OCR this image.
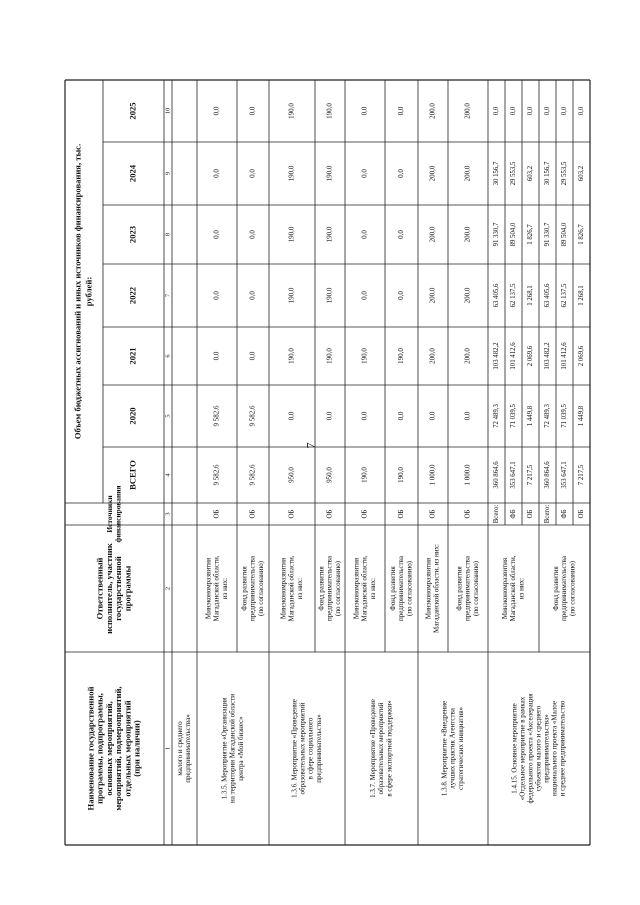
7
Наименование государственной программы, подпрограммы, основных мероприятий, мероприятий, подмероприятий, отдельных мероприятий (при наличии)
Ответственный исполнитель, участник государственной программы
Источники финансирования
Объем бюджетных ассигнований и иных источников финансирования, тыс. рублей:
ВСЕГО
2020
2021
2022
2023
2024
2025
1
2
3
4
5
6
7
8
9
10
малого и среднего предпринимательства»	1.3.5. Мероприятие «Организация на территории Магаданской области центра «Мой бизнес»
Минэкономразвития Магаданской области, из них:
ОБ
9 582,6
9 582,6
0,0
0,0
0,0
0,0
0,0
Фонд развития предпринимательства (по согласованию)
ОБ
9 582,6
9 582,6
0,0
0,0
0,0
0,0
0,0
1.3.6. Мероприятие «Проведение образовательных мероприятий в сфере социального предпринимательства»
Минэкономразвития Магаданской области, из них:
ОБ
950,0
0,0
190,0
190,0
190,0
190,0
190,0
Фонд развития предпринимательства (по согласованию)
ОБ
950,0
0,0
190,0
190,0
190,0
190,0
190,0
1.3.7. Мероприятие «Проведение образовательных мероприятий в сфере экспортной поддержки»
Минэкономразвития Магаданской области, из них:
ОБ
190,0
0,0
190,0
0,0
0,0
0,0
0,0
Фонд развития предпринимательства (по согласованию)
ОБ
190,0
0,0
190,0
0,0
0,0
0,0
0,0
1.3.8. Мероприятие «Внедрение лучших практик Агентства стратегических инициатив»
Минэкономразвития Магаданской области, из них:
ОБ
1 000,0
0,0
200,0
200,0
200,0
200,0
200,0
Фонд развития предпринимательства (по согласованию)
ОБ
1 000,0
0,0
200,0
200,0
200,0
200,0
200,0
1.4.15. Основное мероприятие «Отдельное мероприятие в рамках федерального проекта «Акселерация субъектов малого и среднего предпринимательства» национального проекта «Малое и среднее предпринимательство
Минэкономразвития Магаданской области, из них:	Фонд развития предпринимательства (по согласованию)
Всего:
360 864,6
72 489,3
103 482,2
63 405,6
91 330,7
30 156,7
0,0
ФБ
353 647,1
71 039,5
101 412,6
62 137,5
89 504,0
29 553,5
0,0
ОБ
7 217,5
1 449,8
2 069,6
1 268,1
1 826,7
603,2
0,0
Всего:
360 864,6
72 489,3
103 482,2
63 405,6
91 330,7
30 156,7
0,0
ФБ
353 647,1
71 039,5
101 412,6
62 137,5
89 504,0
29 553,5
0,0
ОБ
7 217,5
1 449,8
2 069,6
1 268,1
1 826,7
603,2
0,0
